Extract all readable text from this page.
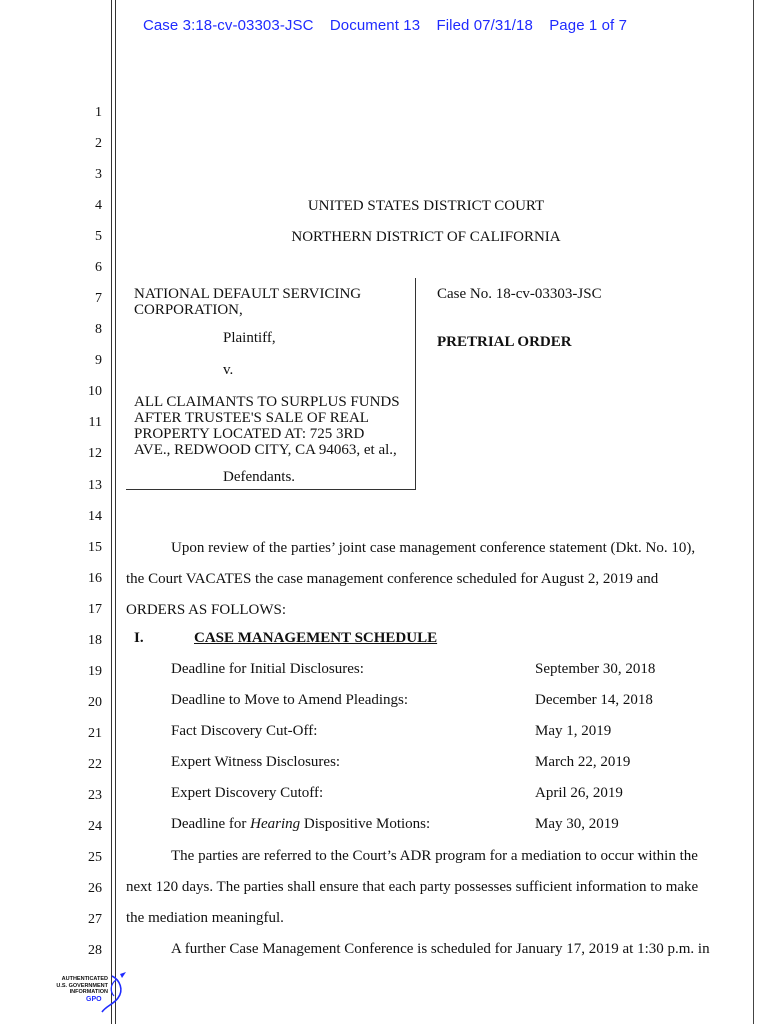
Case 3:18-cv-03303-JSC Document 13 Filed 07/31/18 Page 1 of 7
1
2
3
4
5
6
7
8
9
10
11
12
13
14
15
16
17
18
19
20
21
22
23
24
25
26
27
28
UNITED STATES DISTRICT COURT
NORTHERN DISTRICT OF CALIFORNIA
NATIONAL DEFAULT SERVICING
CORPORATION,
Plaintiff,
v.
ALL CLAIMANTS TO SURPLUS FUNDS
AFTER TRUSTEE'S SALE OF REAL
PROPERTY LOCATED AT: 725 3RD
AVE., REDWOOD CITY, CA 94063, et al.,
Defendants.
Case No. 18-cv-03303-JSC
PRETRIAL ORDER
Upon review of the parties’ joint case management conference statement (Dkt. No. 10),
the Court VACATES the case management conference scheduled for August 2, 2019 and
ORDERS AS FOLLOWS:
I.	CASE MANAGEMENT SCHEDULE
Deadline for Initial Disclosures:	September 30, 2018
Deadline to Move to Amend Pleadings:	December 14, 2018
Fact Discovery Cut-Off:	May 1, 2019
Expert Witness Disclosures:	March 22, 2019
Expert Discovery Cutoff:	April 26, 2019
Deadline for Hearing Dispositive Motions:	May 30, 2019
The parties are referred to the Court’s ADR program for a mediation to occur within the
next 120 days. The parties shall ensure that each party possesses sufficient information to make
the mediation meaningful.
A further Case Management Conference is scheduled for January 17, 2019 at 1:30 p.m. in
AUTHENTICATED
U.S. GOVERNMENT
INFORMATION
GPO
